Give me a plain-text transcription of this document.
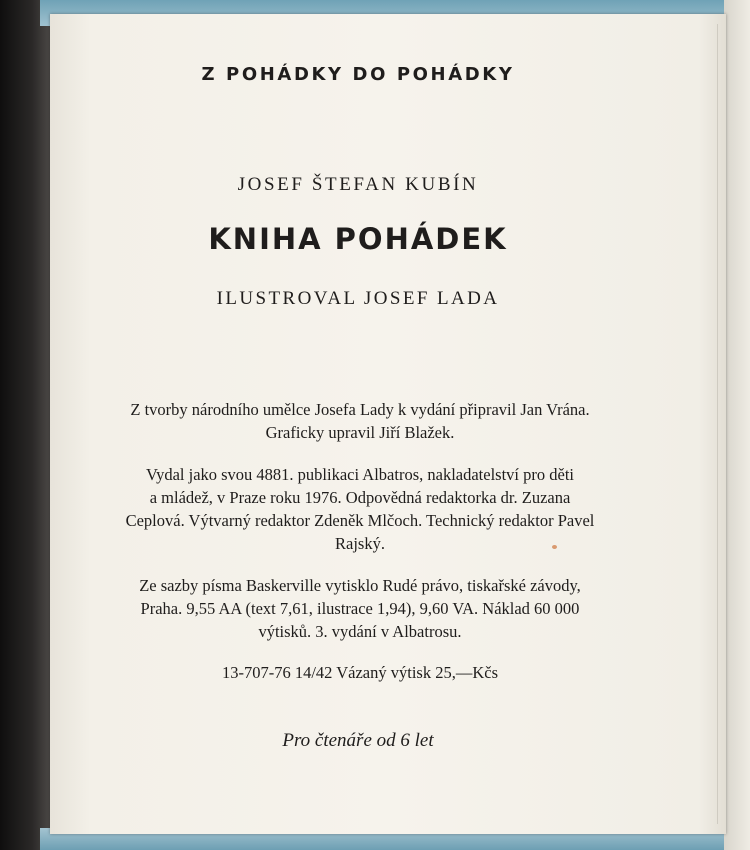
Z POHÁDKY DO POHÁDKY
JOSEF ŠTEFAN KUBÍN
KNIHA POHÁDEK
ILUSTROVAL JOSEF LADA
Z tvorby národního umělce Josefa Lady k vydání připravil Jan Vrána.
Graficky upravil Jiří Blažek.
Vydal jako svou 4881. publikaci Albatros, nakladatelství pro děti
a mládež, v Praze roku 1976. Odpovědná redaktorka dr. Zuzana
Ceplová. Výtvarný redaktor Zdeněk Mlčoch. Technický redaktor Pavel
Rajský.
Ze sazby písma Baskerville vytisklo Rudé právo, tiskařské závody,
Praha. 9,55 AA (text 7,61, ilustrace 1,94), 9,60 VA. Náklad 60 000
výtisků. 3. vydání v Albatrosu.
13-707-76 14/42 Vázaný výtisk 25,—Kčs
Pro čtenáře od 6 let
